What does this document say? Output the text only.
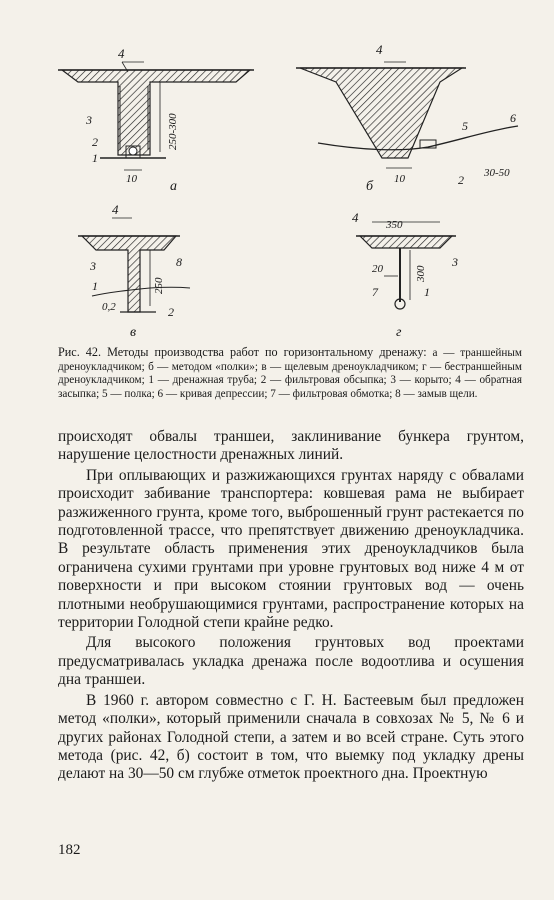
4
3
2
1
250-300
10 а
4
5
6
2
10	30-50
б
4
3	8
1
2
250
0,2
в
4	350
3
20
7	1
300
г
Рис. 42. Методы производства работ по горизонтальному дренажу: а — траншейным дреноукладчиком; б — методом «полки»; в — щелевым дреноукладчиком; г — бестраншейным дреноукладчиком; 1 — дренажная труба; 2 — фильтровая обсыпка; 3 — корыто; 4 — обратная засыпка; 5 — полка; 6 — кривая депрессии; 7 — фильтровая обмотка; 8 — замыв щели.

происходят обвалы траншеи, заклинивание бункера грунтом, нарушение целостности дренажных линий.

При оплывающих и разжижающихся грунтах наряду с обвалами происходит забивание транспортера: ковшевая рама не выбирает разжиженного грунта, кроме того, выброшенный грунт растекается по подготовленной трассе, что препятствует движению дреноукладчика. В результате область применения этих дреноукладчиков была ограничена сухими грунтами при уровне грунтовых вод ниже 4 м от поверхности и при высоком стоянии грунтовых вод — очень плотными необрушающимися грунтами, распространение которых на территории Голодной степи крайне редко.

Для высокого положения грунтовых вод проектами предусматривалась укладка дренажа после водоотлива и осушения дна траншеи.

В 1960 г. автором совместно с Г. Н. Бастеевым был предложен метод «полки», который применили сначала в совхозах № 5, № 6 и других районах Голодной степи, а затем и во всей стране. Суть этого метода (рис. 42, б) состоит в том, что выемку под укладку дрены делают на 30—50 см глубже отметок проектного дна. Проектную

182
